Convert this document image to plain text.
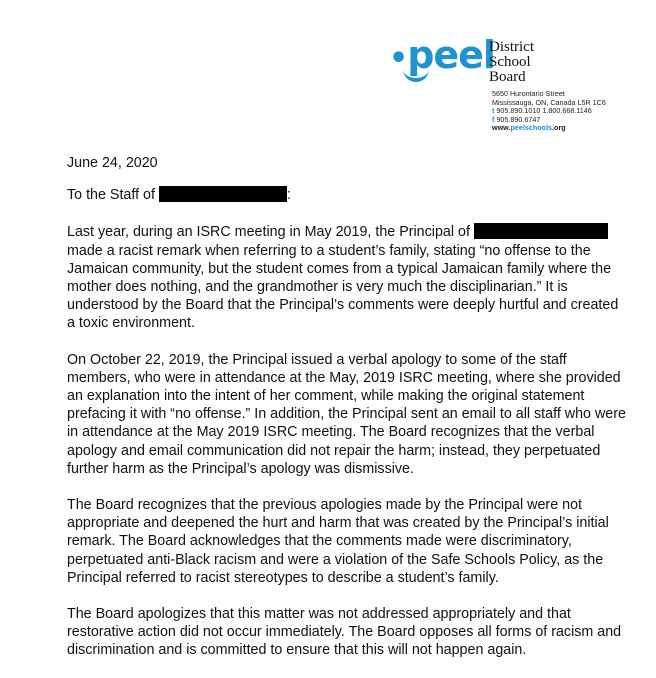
•peel
District
School Board
5650 Hurontario Street
Mississauga, ON, Canada L5R 1C6
t 905.890.1010 1.800.668.1146
f 905.890.6747
www.peelschools.org

June 24, 2020

To the Staff of	:

Last year, during an ISRC meeting in May 2019, the Principal of made a racist remark when referring to a student’s family, stating “no offense to the Jamaican community, but the student comes from a typical Jamaican family where the mother does nothing, and the grandmother is very much the disciplinarian.” It is understood by the Board that the Principal’s comments were deeply hurtful and created a toxic environment.

On October 22, 2019, the Principal issued a verbal apology to some of the staff members, who were in attendance at the May, 2019 ISRC meeting, where she provided an explanation into the intent of her comment, while making the original statement prefacing it with “no offense.” In addition, the Principal sent an email to all staff who were in attendance at the May 2019 ISRC meeting. The Board recognizes that the verbal apology and email communication did not repair the harm; instead, they perpetuated further harm as the Principal’s apology was dismissive.

The Board recognizes that the previous apologies made by the Principal were not appropriate and deepened the hurt and harm that was created by the Principal’s initial remark. The Board acknowledges that the comments made were discriminatory, perpetuated anti-Black racism and were a violation of the Safe Schools Policy, as the Principal referred to racist stereotypes to describe a student’s family.

The Board apologizes that this matter was not addressed appropriately and that restorative action did not occur immediately. The Board opposes all forms of racism and discrimination and is committed to ensure that this will not happen again.
